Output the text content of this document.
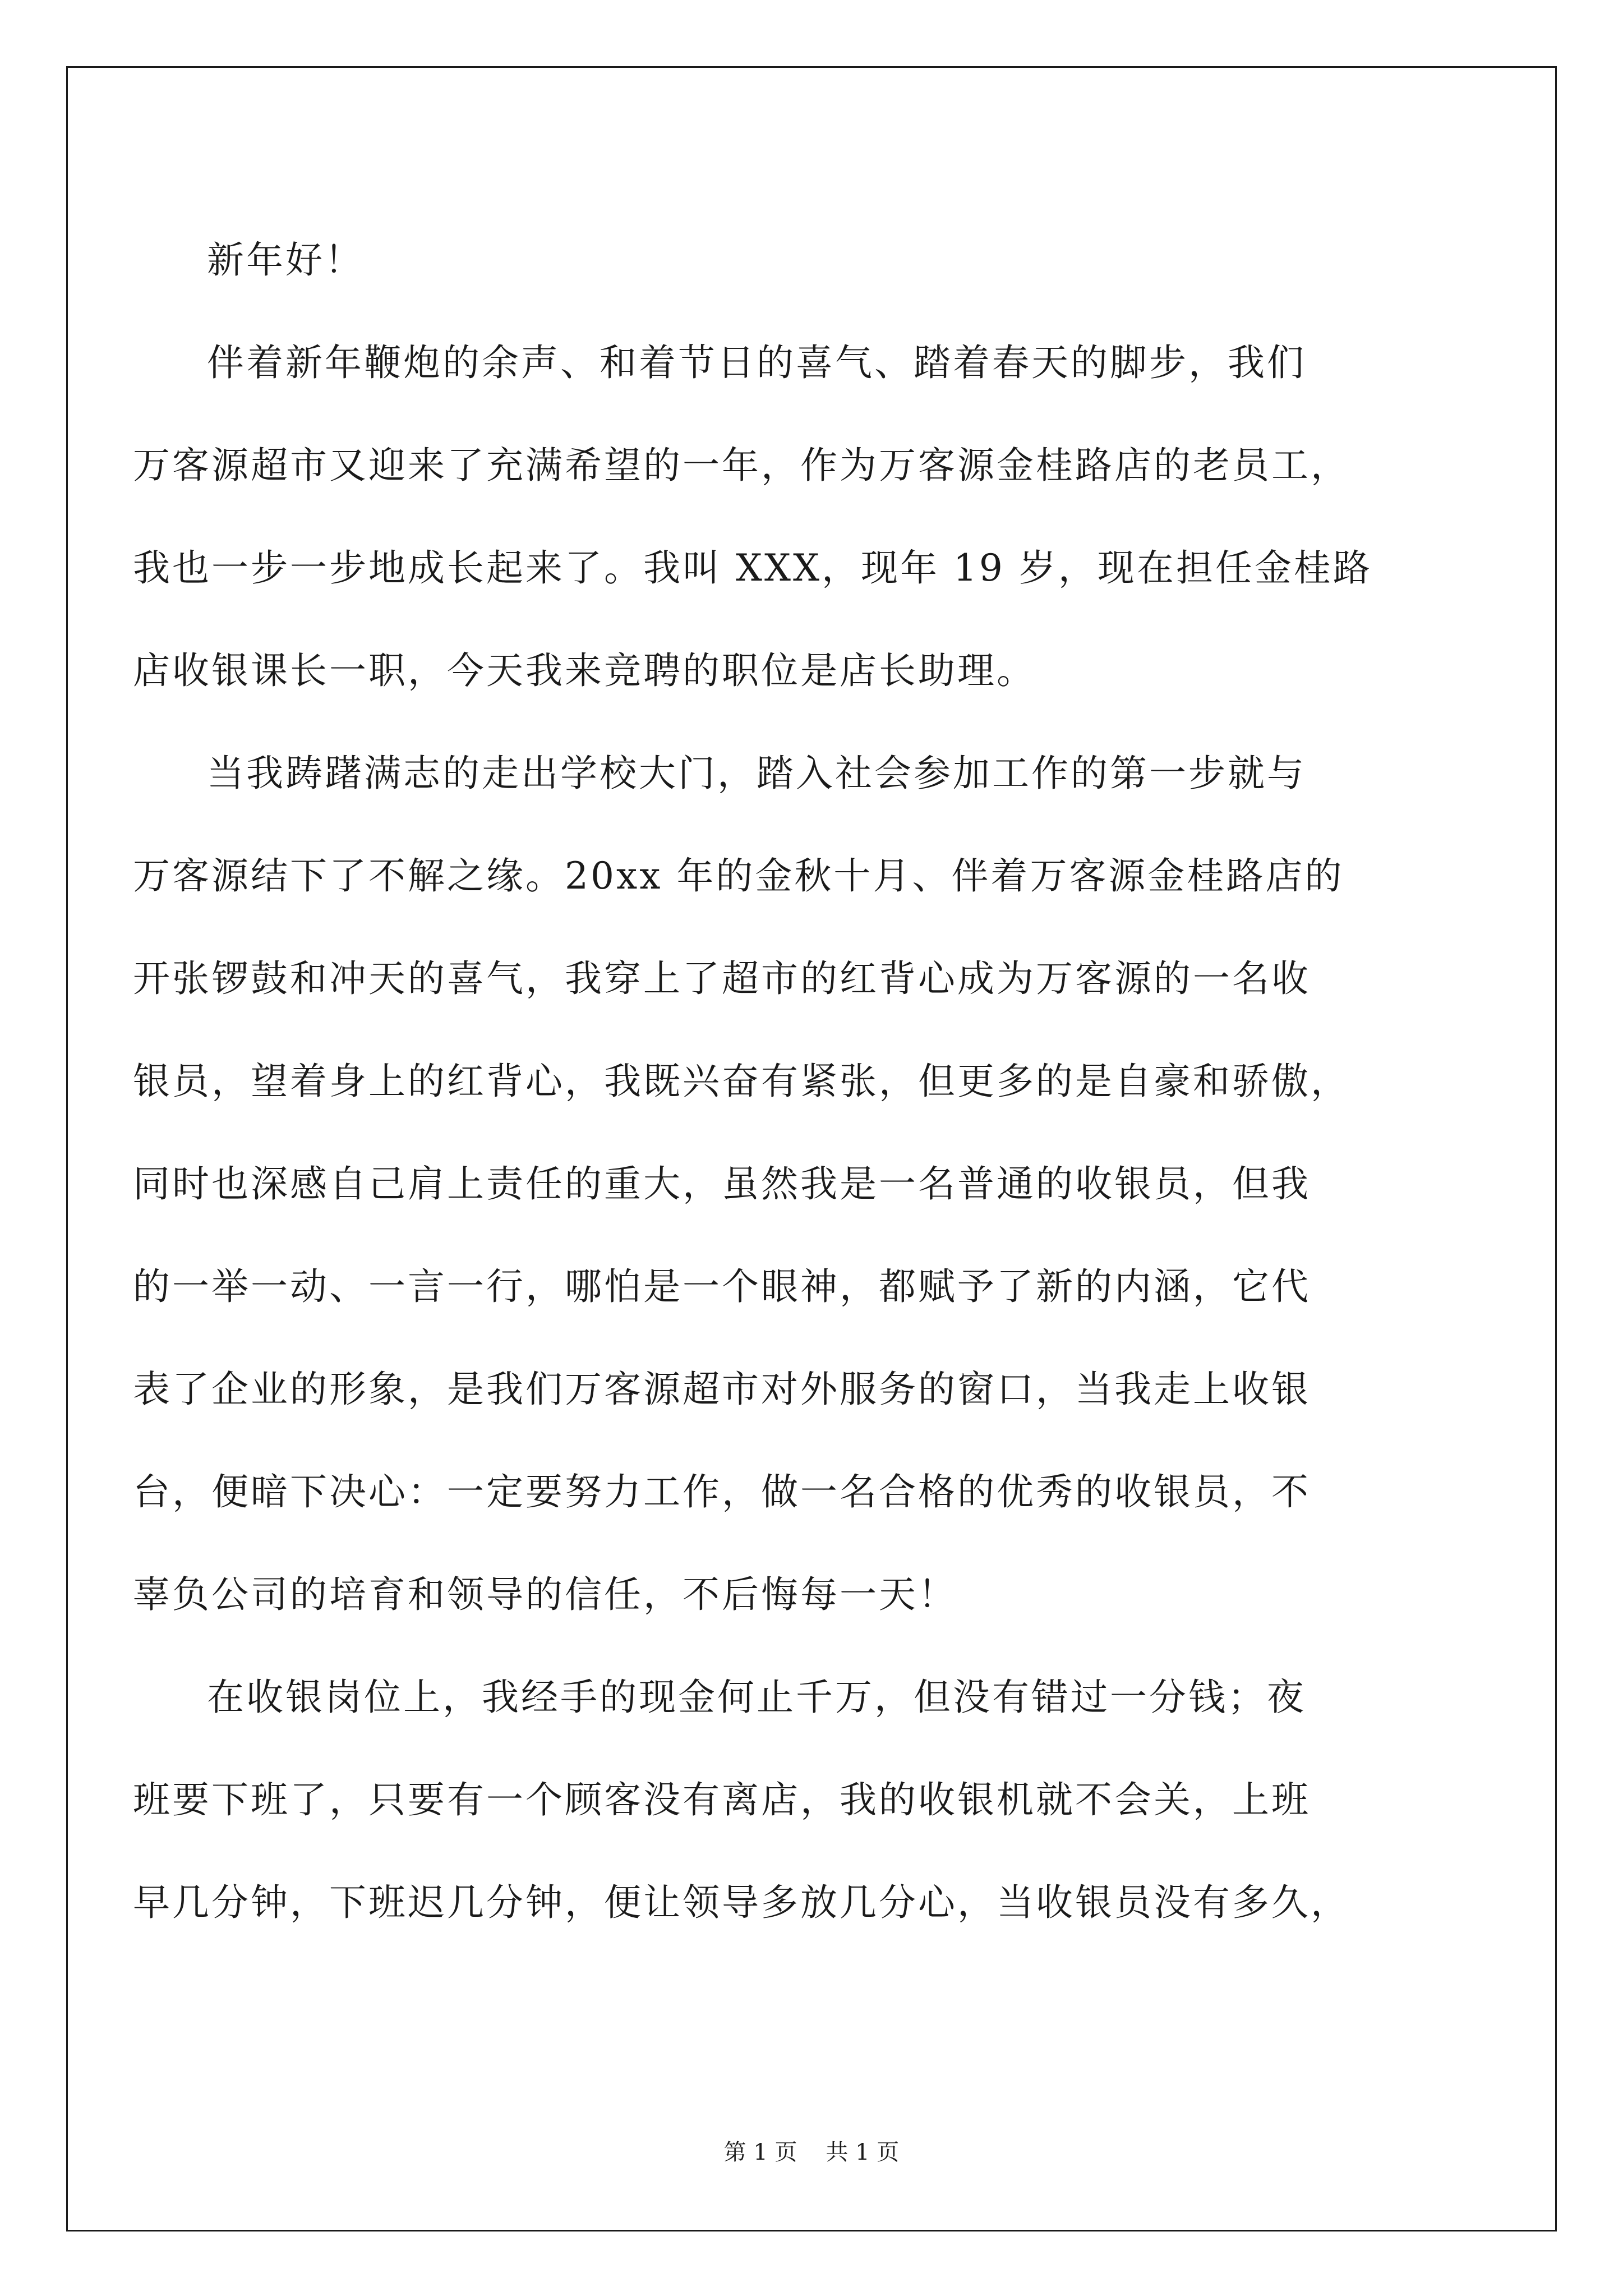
新年好！

伴着新年鞭炮的余声、和着节日的喜气、踏着春天的脚步，我们
万客源超市又迎来了充满希望的一年，作为万客源金桂路店的老员工，
我也一步一步地成长起来了。我叫 XXX，现年 19 岁，现在担任金桂路
店收银课长一职，今天我来竞聘的职位是店长助理。

当我踌躇满志的走出学校大门，踏入社会参加工作的第一步就与
万客源结下了不解之缘。20xx 年的金秋十月、伴着万客源金桂路店的
开张锣鼓和冲天的喜气，我穿上了超市的红背心成为万客源的一名收
银员，望着身上的红背心，我既兴奋有紧张，但更多的是自豪和骄傲，
同时也深感自己肩上责任的重大，虽然我是一名普通的收银员，但我
的一举一动、一言一行，哪怕是一个眼神，都赋予了新的内涵，它代
表了企业的形象，是我们万客源超市对外服务的窗口，当我走上收银
台，便暗下决心：一定要努力工作，做一名合格的优秀的收银员，不
辜负公司的培育和领导的信任，不后悔每一天！

在收银岗位上，我经手的现金何止千万，但没有错过一分钱；夜
班要下班了，只要有一个顾客没有离店，我的收银机就不会关，上班
早几分钟，下班迟几分钟，便让领导多放几分心，当收银员没有多久，

第 1 页 共 1 页
